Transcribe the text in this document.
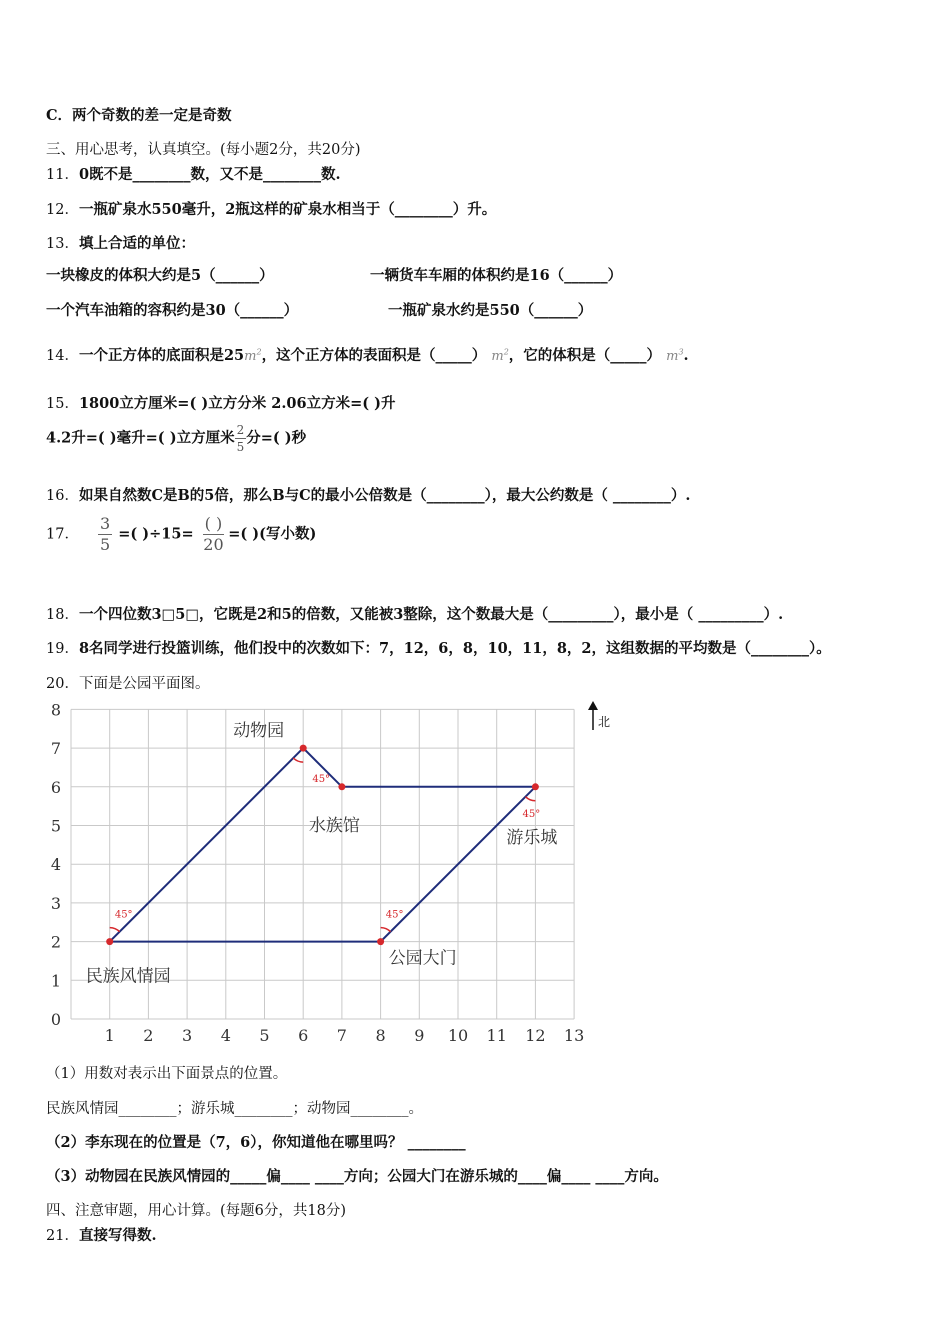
C．两个奇数的差一定是奇数
三、用心思考，认真填空。(每小题2分，共20分)
11．0既不是________数，又不是________数.
12．一瓶矿泉水550毫升，2瓶这样的矿泉水相当于（________）升。
13．填上合适的单位：
一块橡皮的体积大约是5（______）	一辆货车车厢的体积约是16（______）
一个汽车油箱的容积约是30（______）	一瓶矿泉水约是550（______）
14．一个正方体的底面积是$25m^2$，这个正方体的表面积是（_____） $m^2$，它的体积是（_____） $m^3$.
15．1800立方厘米=( )立方分米 2.06立方米=( )升
4.2升=( )毫升=( )立方厘米 $\frac{2}{5}$ 分=( )秒
16．如果自然数C是B的5倍，那么B与C的最小公倍数是（________），最大公约数是（ ________）.
17． $\frac{3}{5}$ =( )$\div 15= \frac{( )}{20}$ =( )(写小数)
18．一个四位数3□5□，它既是2和5的倍数，又能被3整除，这个数最大是（_________），最小是（ _________）.
19．8名同学进行投篮训练，他们投中的次数如下：7，12，6，8，10，11，8，2，这组数据的平均数是（________）。
20．下面是公园平面图。
1 2 3 4 5 6 7 8 9 10 11 12 13
0
1
2
3
4
5
6
7
8
45°
45°
45°
45°
民族风情园
动物园
水族馆
游乐城
公园大门
北
（1）用数对表示出下面景点的位置。
民族风情园________；游乐城________；动物园________。
（2）李东现在的位置是（7，6），你知道他在哪里吗？ ________
（3）动物园在民族风情园的_____偏____ ____方向；公园大门在游乐城的____偏____ ____方向。
四、注意审题，用心计算。(每题6分，共18分)
21．直接写得数.
